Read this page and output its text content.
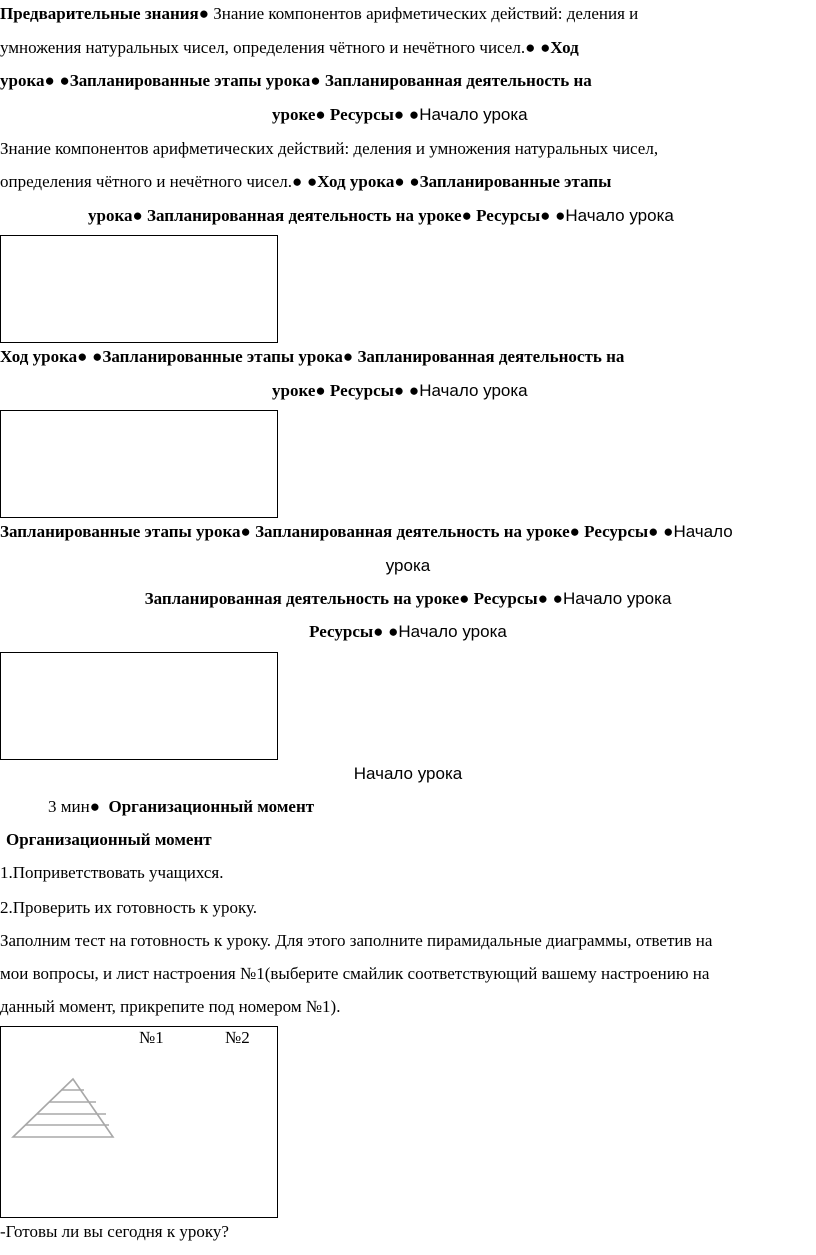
Предварительные знания● Знание компонентов арифметических действий: деления и
умножения натуральных чисел, определения чётного и нечётного чисел.● ●Ход
урока● ●Запланированные этапы урока● Запланированная деятельность на
уроке● Ресурсы● ●Начало урока
Знание компонентов арифметических действий: деления и умножения натуральных чисел,
определения чётного и нечётного чисел.● ●Ход урока● ●Запланированные этапы
урока● Запланированная деятельность на уроке● Ресурсы● ●Начало урока
Ход урока● ●Запланированные этапы урока● Запланированная деятельность на
уроке● Ресурсы● ●Начало урока
Запланированные этапы урока● Запланированная деятельность на уроке● Ресурсы● ●Начало
урока
Запланированная деятельность на уроке● Ресурсы● ●Начало урока
Ресурсы● ●Начало урока
Начало урока
3 мин● Организационный момент
Организационный момент
1.Поприветствовать учащихся.
2.Проверить их готовность к уроку.
Заполним тест на готовность к уроку. Для этого заполните пирамидальные диаграммы, ответив на
мои вопросы, и лист настроения №1(выберите смайлик соответствующий вашему настроению на
данный момент, прикрепите под номером №1).
№1	№2
-Готовы ли вы сегодня к уроку?
